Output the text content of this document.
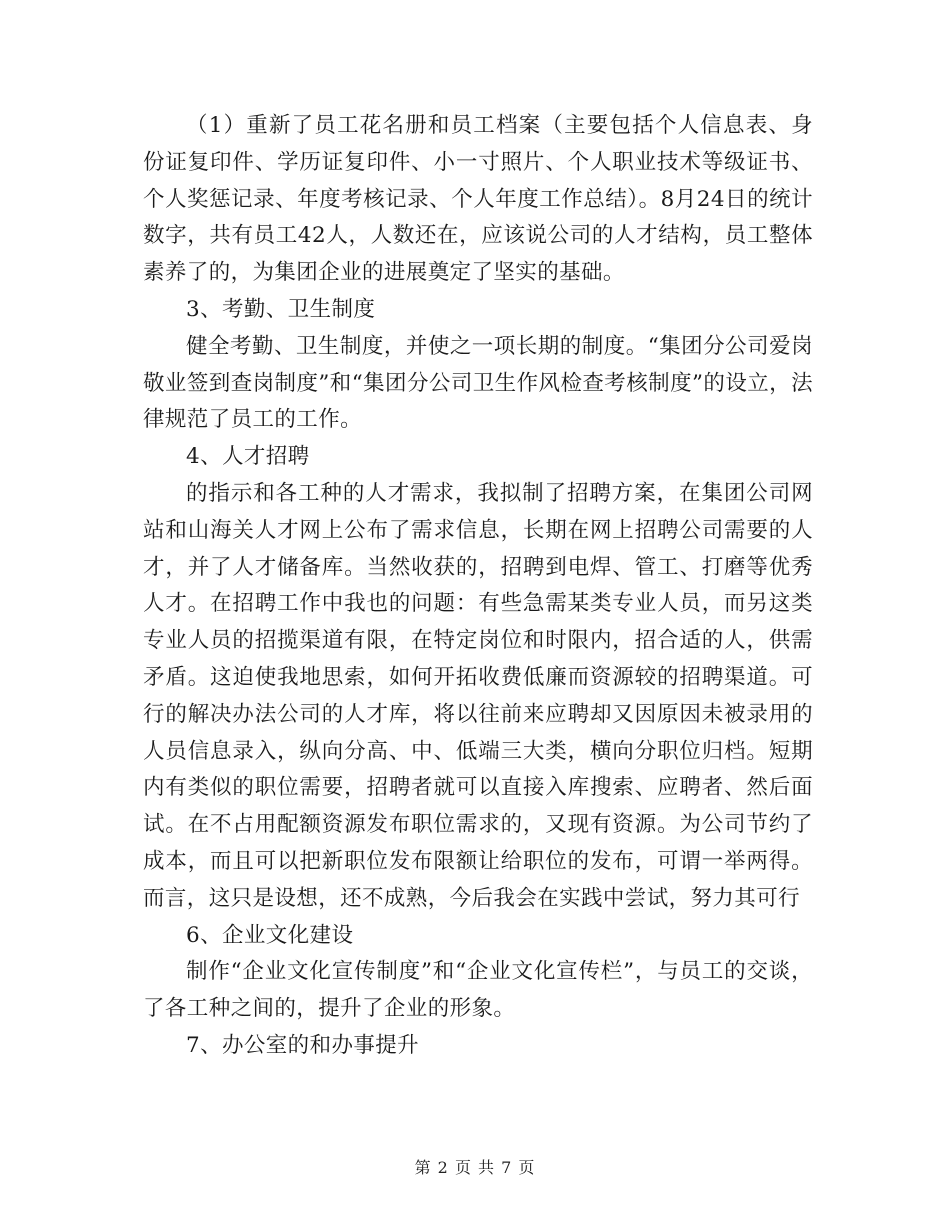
（1）重新了员工花名册和员工档案（主要包括个人信息表、身份证复印件、学历证复印件、小一寸照片、个人职业技术等级证书、个人奖惩记录、年度考核记录、个人年度工作总结）。8月24日的统计数字，共有员工42人，人数还在，应该说公司的人才结构，员工整体素养了的，为集团企业的进展奠定了坚实的基础。

3、考勤、卫生制度

健全考勤、卫生制度，并使之一项长期的制度。“集团分公司爱岗敬业签到查岗制度”和“集团分公司卫生作风检查考核制度”的设立，法律规范了员工的工作。

4、人才招聘

的指示和各工种的人才需求，我拟制了招聘方案，在集团公司网站和山海关人才网上公布了需求信息，长期在网上招聘公司需要的人才，并了人才储备库。当然收获的，招聘到电焊、管工、打磨等优秀人才。在招聘工作中我也的问题：有些急需某类专业人员，而另这类专业人员的招揽渠道有限，在特定岗位和时限内，招合适的人，供需矛盾。这迫使我地思索，如何开拓收费低廉而资源较的招聘渠道。可行的解决办法公司的人才库，将以往前来应聘却又因原因未被录用的人员信息录入，纵向分高、中、低端三大类，横向分职位归档。短期内有类似的职位需要，招聘者就可以直接入库搜索、应聘者、然后面试。在不占用配额资源发布职位需求的，又现有资源。为公司节约了成本，而且可以把新职位发布限额让给职位的发布，可谓一举两得。而言，这只是设想，还不成熟，今后我会在实践中尝试，努力其可行

6、企业文化建设

制作“企业文化宣传制度”和“企业文化宣传栏”，与员工的交谈，了各工种之间的，提升了企业的形象。

7、办公室的和办事提升

第 2 页 共 7 页
